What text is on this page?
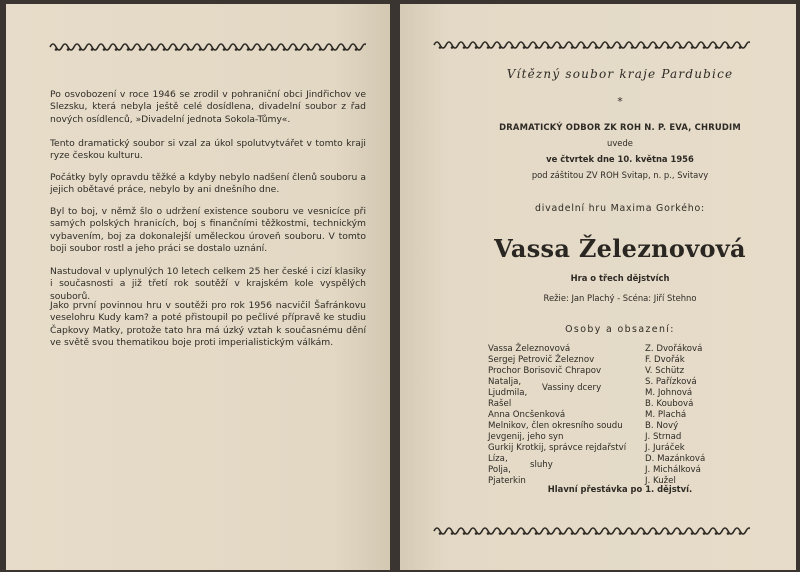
Po osvobození v roce 1946 se zrodil v pohraniční obci Jindřichov ve Slezsku, která nebyla ještě celé dosídlena, divadelní soubor z řad nových osídlenců, »Divadelní jednota Sokola-Tůmy«.

Tento dramatický soubor si vzal za úkol spolutvytvářet v tomto kraji ryze českou kulturu.

Počátky byly opravdu těžké a kdyby nebylo nadšení členů souboru a jejich obětavé práce, nebylo by ani dnešního dne.

Byl to boj, v němž šlo o udržení existence souboru ve vesnicíce při samých polských hranicích, boj s finančními těžkostmi, technickým vybavením, boj za dokonalejší uměleckou úroveň souboru. V tomto boji soubor rostl a jeho práci se dostalo uznání.

Nastudoval v uplynulých 10 letech celkem 25 her české i cizí klasiky i současnosti a již třetí rok soutěží v krajském kole vyspělých souborů.

Jako první povinnou hru v soutěži pro rok 1956 nacvičil Šafránkovu veselohru Kudy kam? a poté přistoupil po pečlivé přípravě ke studiu Čapkovy Matky, protože tato hra má úzký vztah k současnému dění ve světě svou thematikou boje proti imperialistickým válkám.

Vítězný soubor kraje Pardubice
*
DRAMATICKÝ ODBOR ZK ROH N. P. EVA, CHRUDIM
uvede
ve čtvrtek dne 10. května 1956
pod záštitou ZV ROH Svitap, n. p., Svitavy
divadelní hru Maxima Gorkého:
Vassa Železnovová
Hra o třech dějstvích
Režie: Jan Plachý - Scéna: Jiří Stehno
Osoby a obsazení:
Vassa Železnovová	Z. Dvořáková
Sergej Petrovič Železnov	F. Dvořák
Prochor Borisovič Chrapov	V. Schütz
Natalja,	S. Pařízková
Ljudmila,	M. Johnová
Vassiny dcery
Rašel	B. Koubová
Anna Oncšenková	M. Plachá
Melnikov, člen okresního soudu	B. Nový
Jevgenij, jeho syn	J. Strnad
Gurkij Krotkij, správce rejdařství J. Juráček
Líza,	D. Mazánková
Polja,	J. Michálková
sluhy
Pjaterkin	J. Kužel
Hlavní přestávka po 1. dějství.
